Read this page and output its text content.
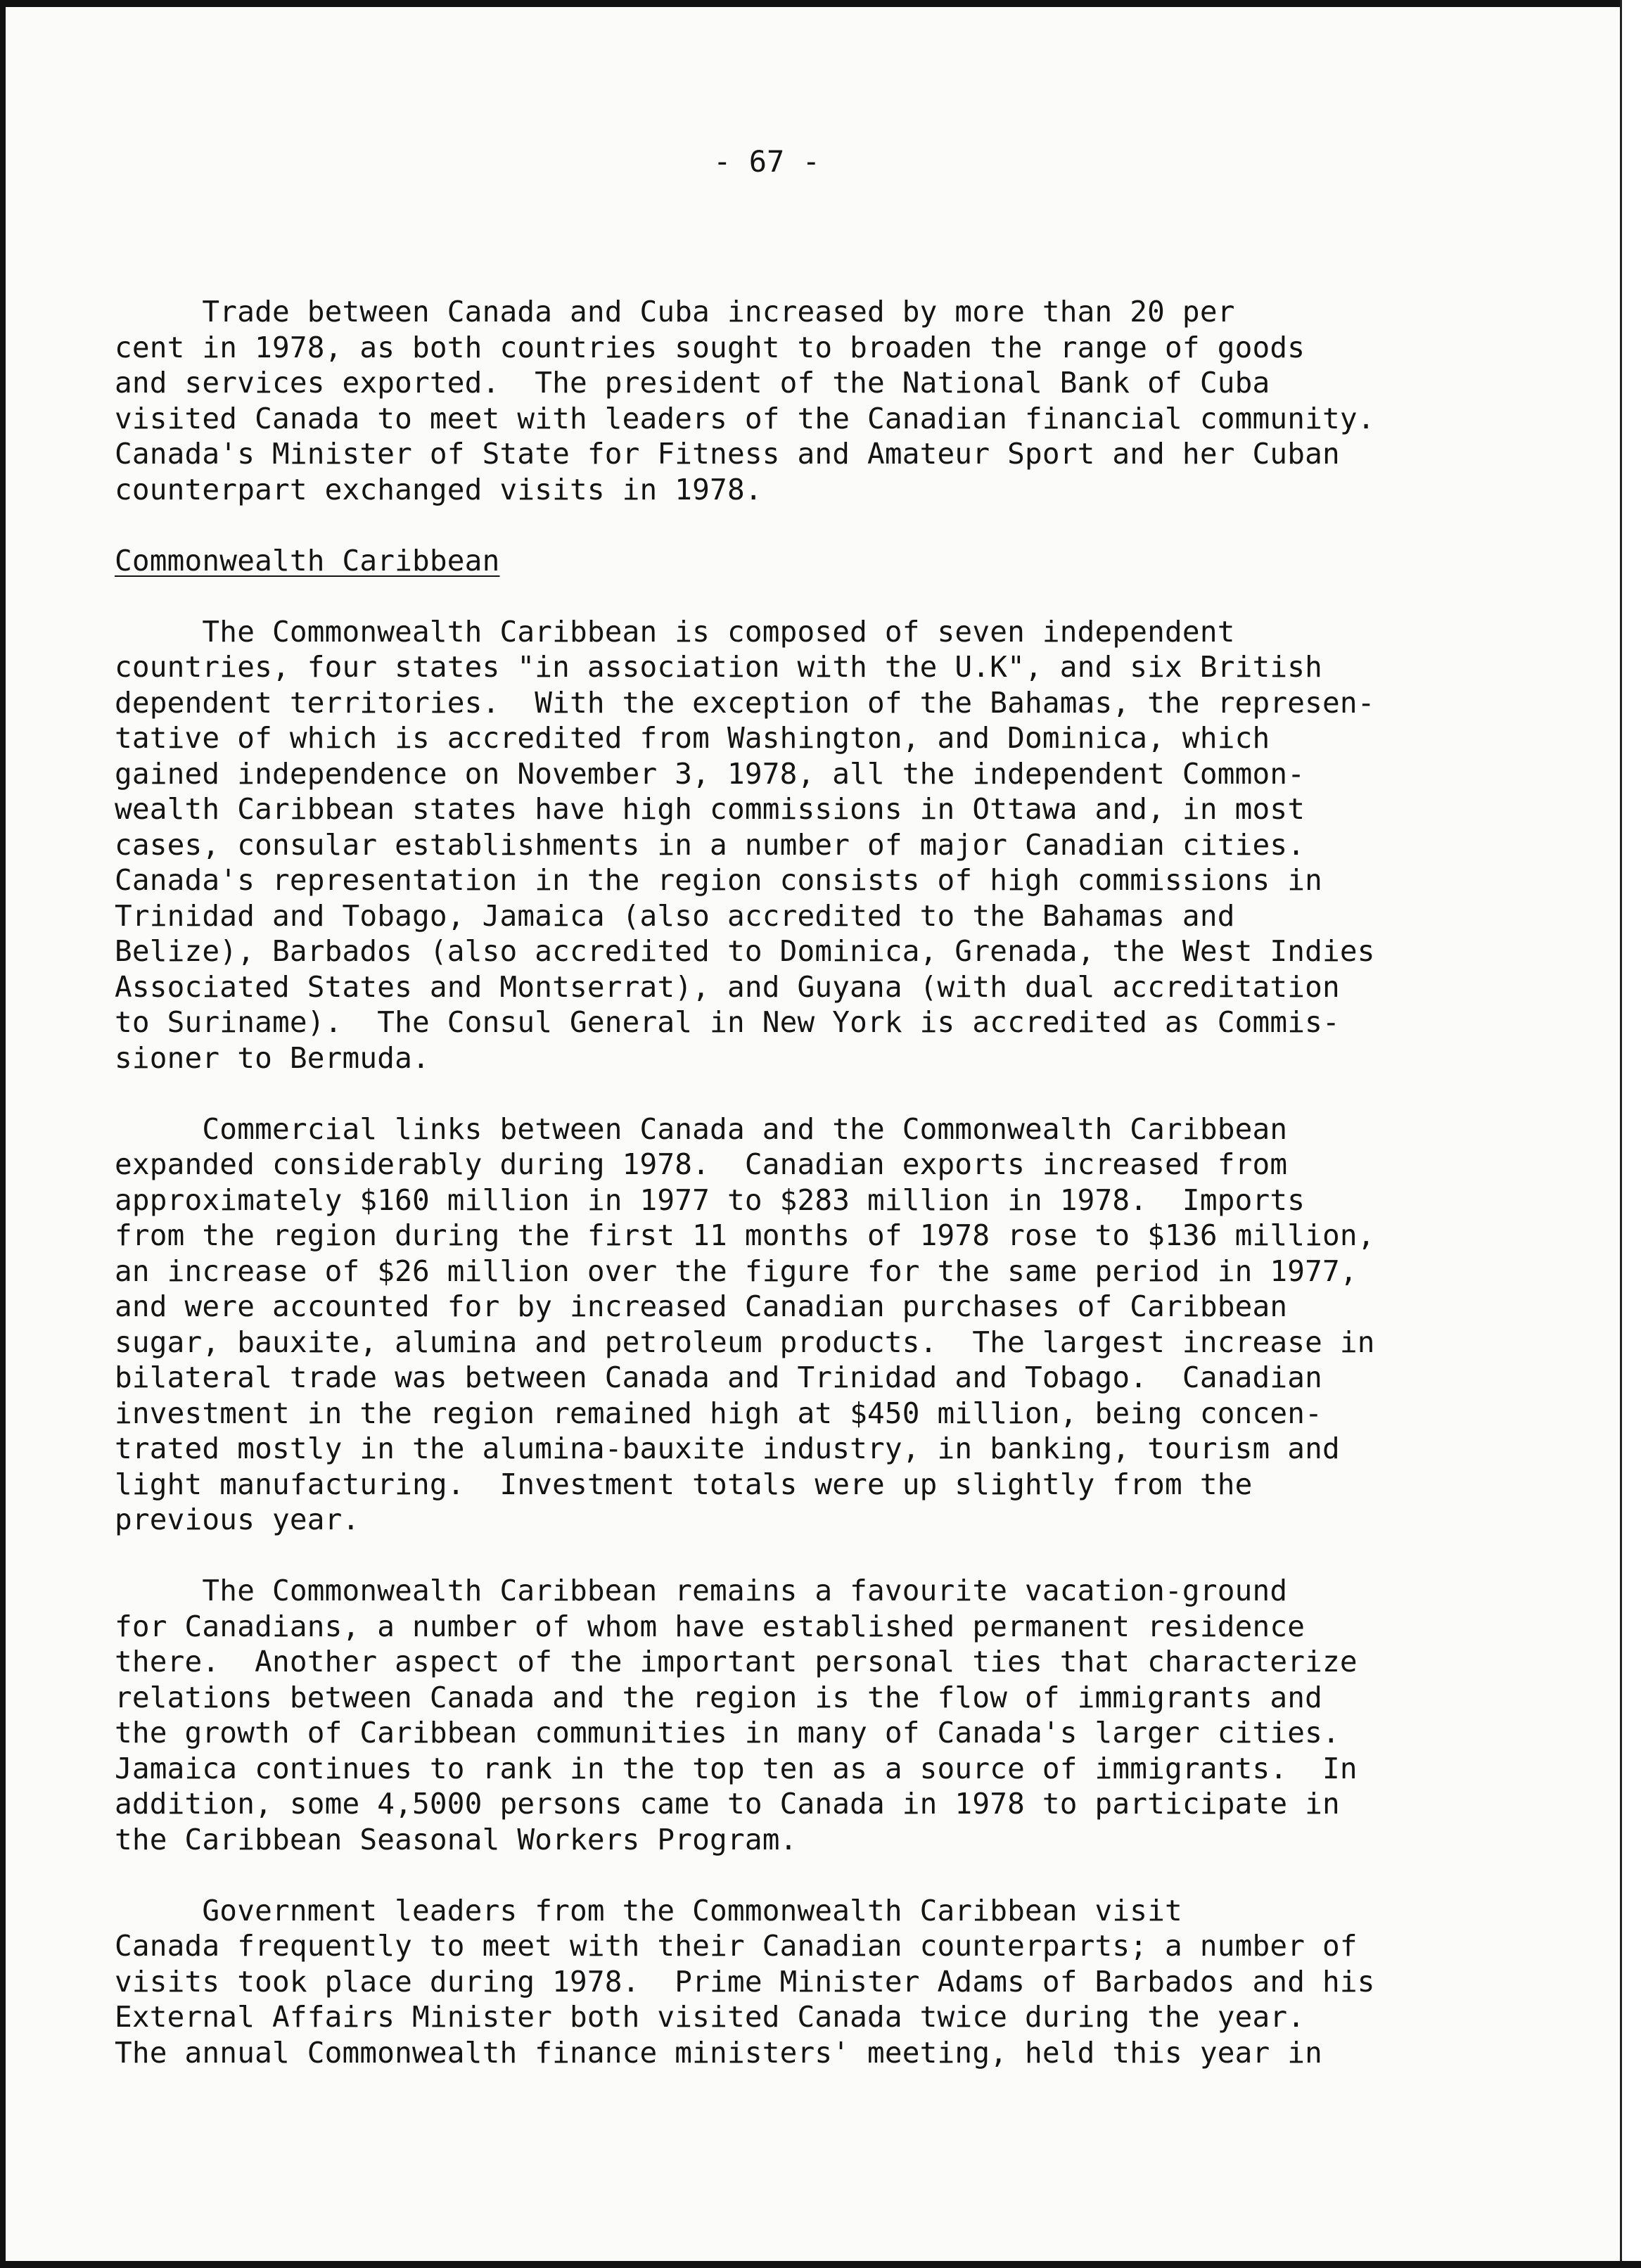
- 67 -

Trade between Canada and Cuba increased by more than 20 per
cent in 1978, as both countries sought to broaden the range of goods
and services exported.  The president of the National Bank of Cuba
visited Canada to meet with leaders of the Canadian financial community.
Canada's Minister of State for Fitness and Amateur Sport and her Cuban
counterpart exchanged visits in 1978.

Commonwealth Caribbean

The Commonwealth Caribbean is composed of seven independent
countries, four states "in association with the U.K", and six British
dependent territories.  With the exception of the Bahamas, the represen-
tative of which is accredited from Washington, and Dominica, which
gained independence on November 3, 1978, all the independent Common-
wealth Caribbean states have high commissions in Ottawa and, in most
cases, consular establishments in a number of major Canadian cities.
Canada's representation in the region consists of high commissions in
Trinidad and Tobago, Jamaica (also accredited to the Bahamas and
Belize), Barbados (also accredited to Dominica, Grenada, the West Indies
Associated States and Montserrat), and Guyana (with dual accreditation
to Suriname).  The Consul General in New York is accredited as Commis-
sioner to Bermuda.

Commercial links between Canada and the Commonwealth Caribbean
expanded considerably during 1978.  Canadian exports increased from
approximately $160 million in 1977 to $283 million in 1978.  Imports
from the region during the first 11 months of 1978 rose to $136 million,
an increase of $26 million over the figure for the same period in 1977,
and were accounted for by increased Canadian purchases of Caribbean
sugar, bauxite, alumina and petroleum products.  The largest increase in
bilateral trade was between Canada and Trinidad and Tobago.  Canadian
investment in the region remained high at $450 million, being concen-
trated mostly in the alumina-bauxite industry, in banking, tourism and
light manufacturing.  Investment totals were up slightly from the
previous year.

The Commonwealth Caribbean remains a favourite vacation-ground
for Canadians, a number of whom have established permanent residence
there.  Another aspect of the important personal ties that characterize
relations between Canada and the region is the flow of immigrants and
the growth of Caribbean communities in many of Canada's larger cities.
Jamaica continues to rank in the top ten as a source of immigrants.  In
addition, some 4,5000 persons came to Canada in 1978 to participate in
the Caribbean Seasonal Workers Program.

Government leaders from the Commonwealth Caribbean visit
Canada frequently to meet with their Canadian counterparts; a number of
visits took place during 1978.  Prime Minister Adams of Barbados and his
External Affairs Minister both visited Canada twice during the year.
The annual Commonwealth finance ministers' meeting, held this year in
